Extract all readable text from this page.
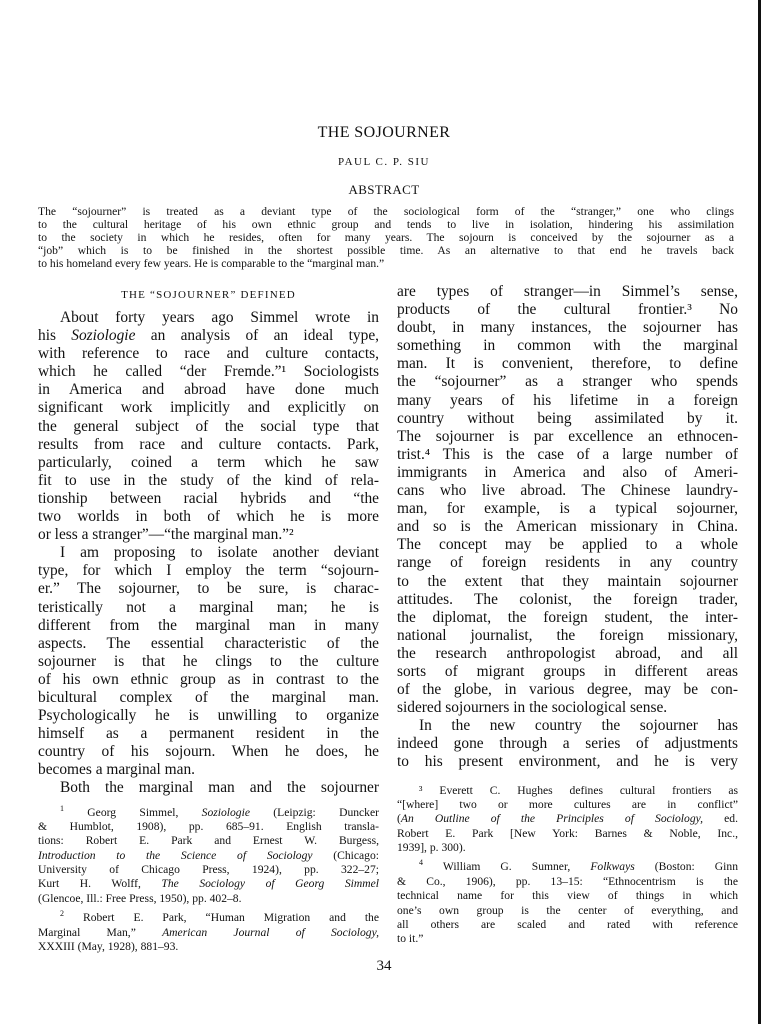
THE SOJOURNER
PAUL C. P. SIU
ABSTRACT
The “sojourner” is treated as a deviant type of the sociological form of the “stranger,” one who clings
to the cultural heritage of his own ethnic group and tends to live in isolation, hindering his assimilation
to the society in which he resides, often for many years. The sojourn is conceived by the sojourner as a
“job” which is to be finished in the shortest possible time. As an alternative to that end he travels back
to his homeland every few years. He is comparable to the “marginal man.”
THE “SOJOURNER” DEFINED
About forty years ago Simmel wrote in
his Soziologie an analysis of an ideal type,
with reference to race and culture contacts,
which he called “der Fremde.”¹ Sociologists
in America and abroad have done much
significant work implicitly and explicitly on
the general subject of the social type that
results from race and culture contacts. Park,
particularly, coined a term which he saw
fit to use in the study of the kind of rela-
tionship between racial hybrids and “the
two worlds in both of which he is more
or less a stranger”—“the marginal man.”²
I am proposing to isolate another deviant
type, for which I employ the term “sojourn-
er.” The sojourner, to be sure, is charac-
teristically not a marginal man; he is
different from the marginal man in many
aspects. The essential characteristic of the
sojourner is that he clings to the culture
of his own ethnic group as in contrast to the
bicultural complex of the marginal man.
Psychologically he is unwilling to organize
himself as a permanent resident in the
country of his sojourn. When he does, he
becomes a marginal man.
Both the marginal man and the sojourner
$^1$ Georg Simmel, Soziologie (Leipzig: Duncker
& Humblot, 1908), pp. 685–91. English transla-
tions: Robert E. Park and Ernest W. Burgess,
Introduction to the Science of Sociology (Chicago:
University of Chicago Press, 1924), pp. 322–27;
Kurt H. Wolff, The Sociology of Georg Simmel
(Glencoe, Ill.: Free Press, 1950), pp. 402–8.
$^2$ Robert E. Park, “Human Migration and the
Marginal Man,” American Journal of Sociology,
XXXIII (May, 1928), 881–93.
are types of stranger—in Simmel’s sense,
products of the cultural frontier.³ No
doubt, in many instances, the sojourner has
something in common with the marginal
man. It is convenient, therefore, to define
the “sojourner” as a stranger who spends
many years of his lifetime in a foreign
country without being assimilated by it.
The sojourner is par excellence an ethnocen-
trist.⁴ This is the case of a large number of
immigrants in America and also of Ameri-
cans who live abroad. The Chinese laundry-
man, for example, is a typical sojourner,
and so is the American missionary in China.
The concept may be applied to a whole
range of foreign residents in any country
to the extent that they maintain sojourner
attitudes. The colonist, the foreign trader,
the diplomat, the foreign student, the inter-
national journalist, the foreign missionary,
the research anthropologist abroad, and all
sorts of migrant groups in different areas
of the globe, in various degree, may be con-
sidered sojourners in the sociological sense.
In the new country the sojourner has
indeed gone through a series of adjustments
to his present environment, and he is very
³ Everett C. Hughes defines cultural frontiers as
“[where] two or more cultures are in conflict”
(An Outline of the Principles of Sociology, ed.
Robert E. Park [New York: Barnes & Noble, Inc.,
1939], p. 300).
$^4$ William G. Sumner, Folkways (Boston: Ginn
& Co., 1906), pp. 13–15: “Ethnocentrism is the
technical name for this view of things in which
one’s own group is the center of everything, and
all others are scaled and rated with reference
to it.”
34
